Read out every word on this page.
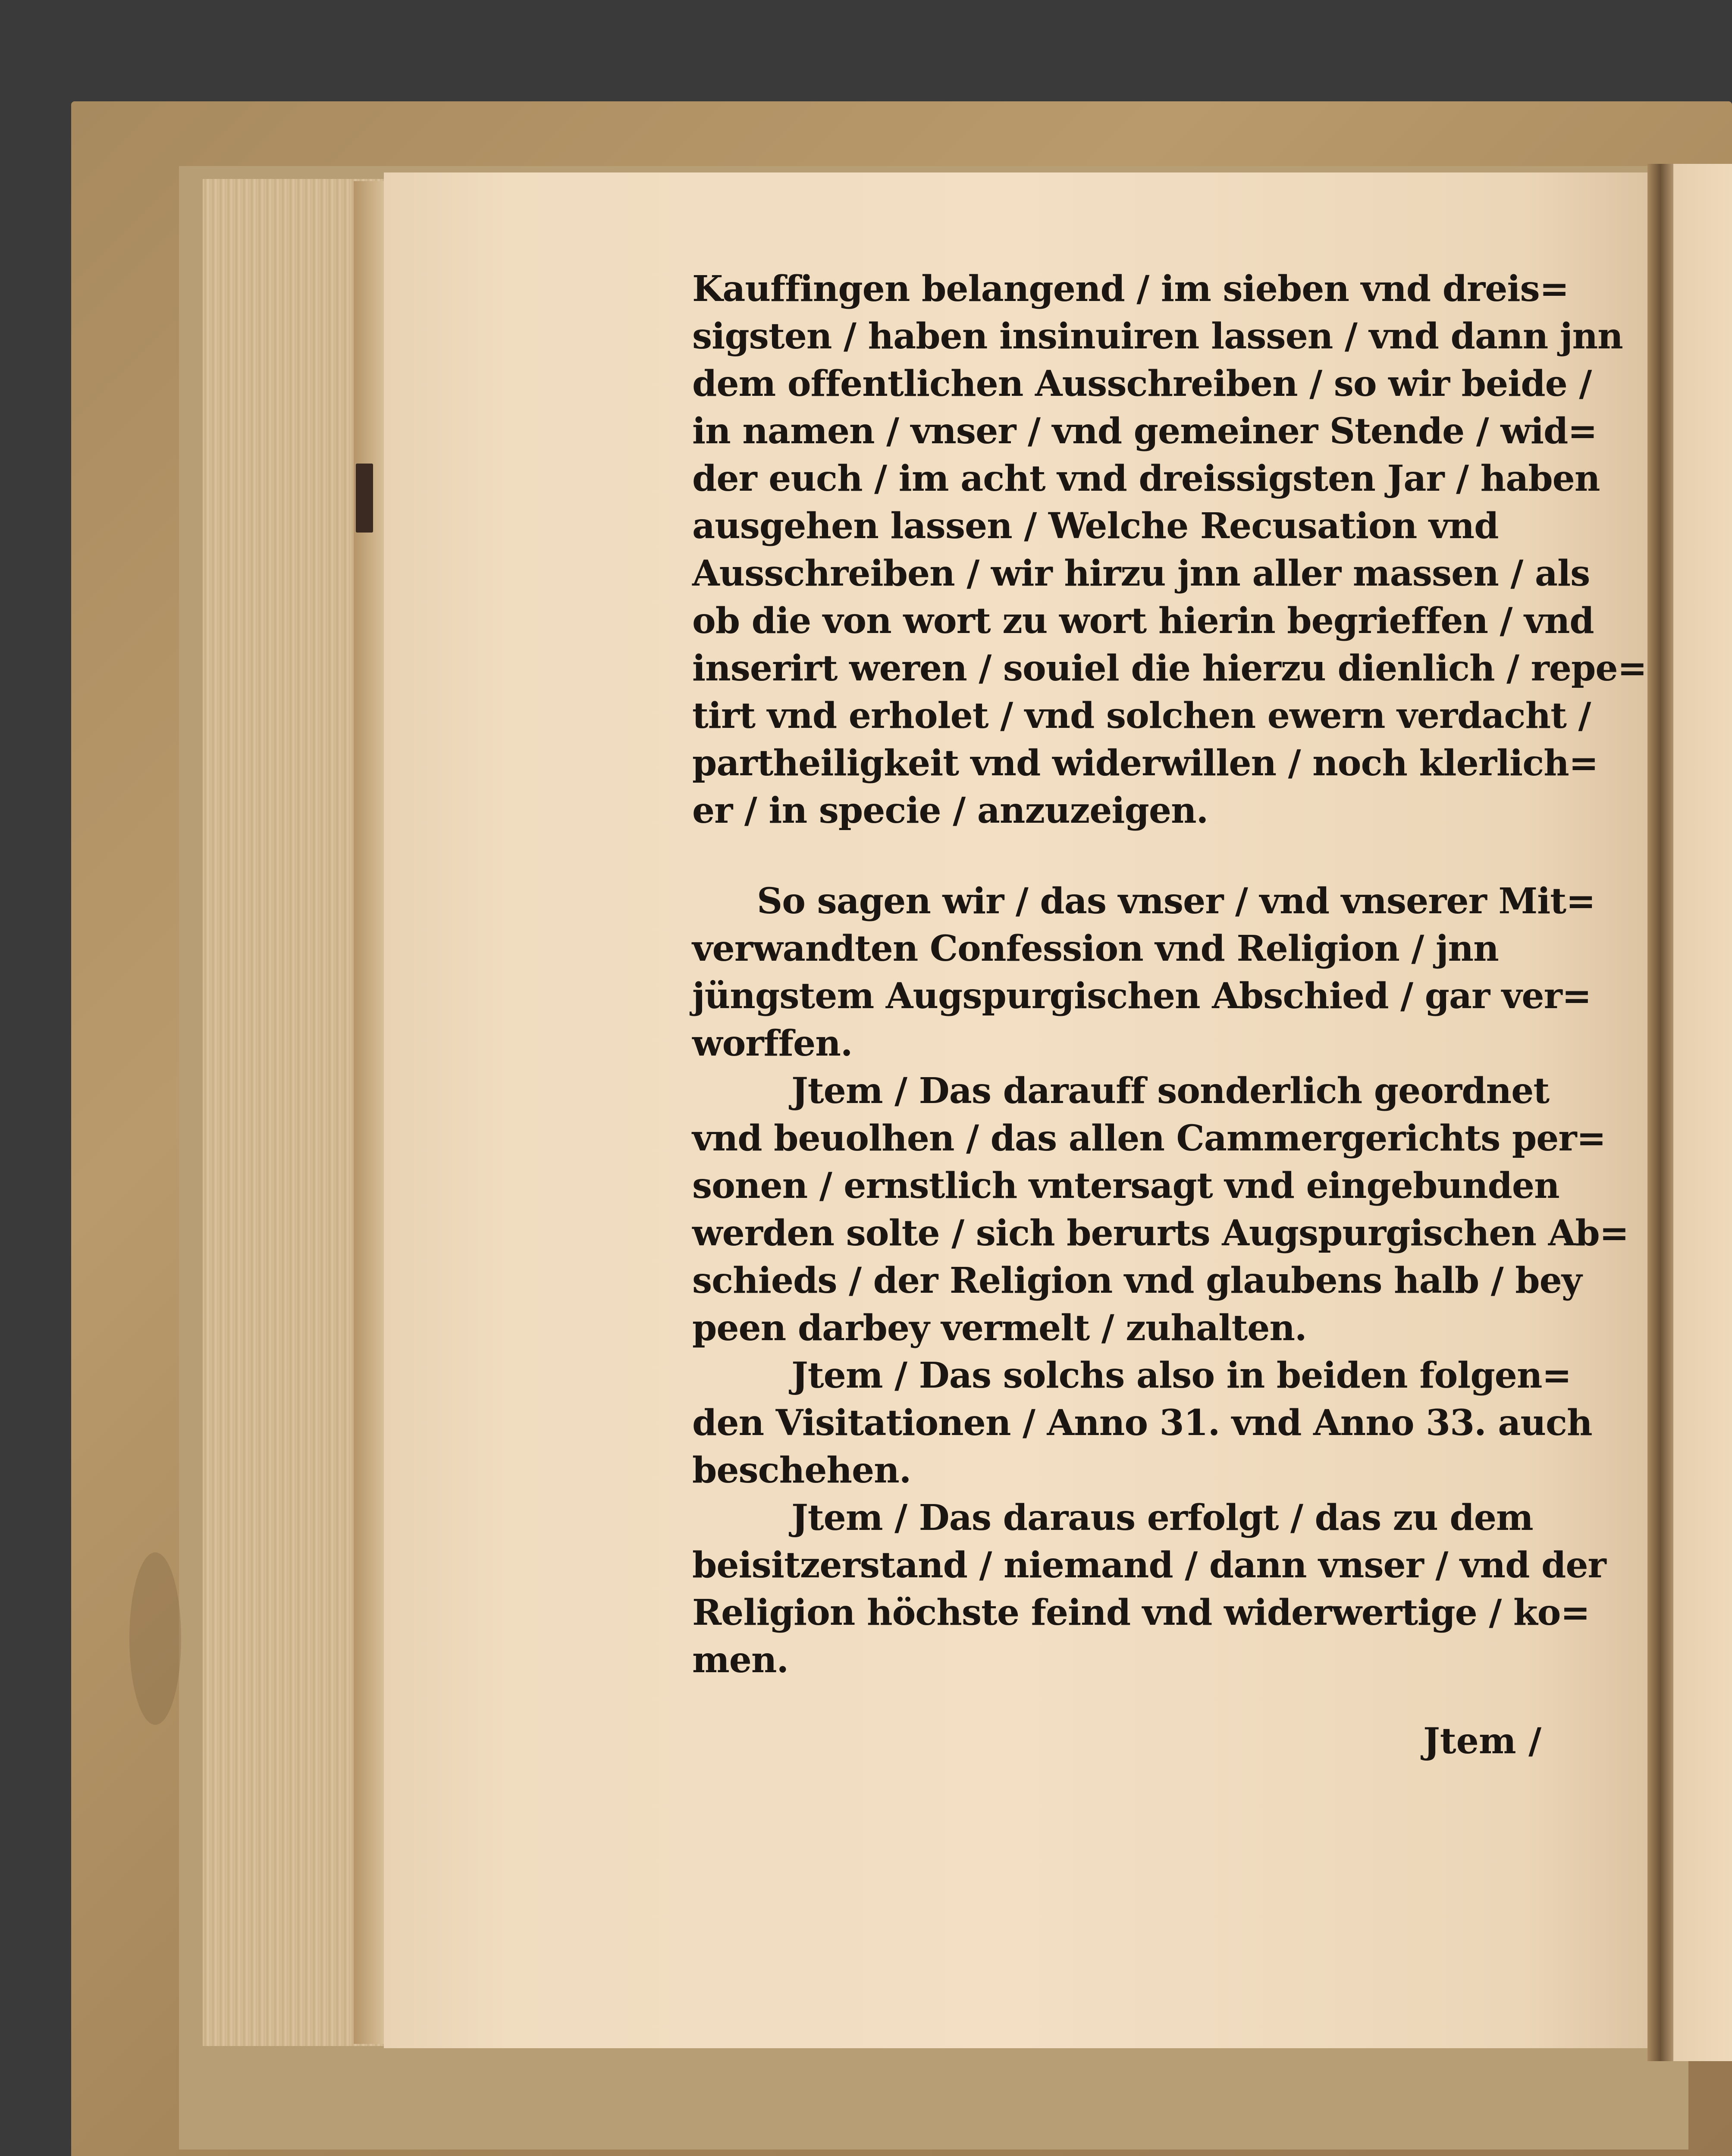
Kauffingen belangend / im sieben vnd dreis=
sigsten / haben insinuiren lassen / vnd dann jnn
dem offentlichen Ausschreiben / so wir beide /
in namen / vnser / vnd gemeiner Stende / wid=
der euch / im acht vnd dreissigsten Jar / haben
ausgehen lassen / Welche Recusation vnd
Ausschreiben / wir hirzu jnn aller massen / als
ob die von wort zu wort hierin begrieffen / vnd
inserirt weren / souiel die hierzu dienlich / repe=
tirt vnd erholet / vnd solchen ewern verdacht /
partheiligkeit vnd widerwillen / noch klerlich=
er / in specie / anzuzeigen.
So sagen wir / das vnser / vnd vnserer Mit=
verwandten Confession vnd Religion / jnn
jüngstem Augspurgischen Abschied / gar ver=
worffen.
Jtem / Das darauff sonderlich geordnet
vnd beuolhen / das allen Cammergerichts per=
sonen / ernstlich vntersagt vnd eingebunden
werden solte / sich berurts Augspurgischen Ab=
schieds / der Religion vnd glaubens halb / bey
peen darbey vermelt / zuhalten.
Jtem / Das solchs also in beiden folgen=
den Visitationen / Anno 31. vnd Anno 33. auch
beschehen.
Jtem / Das daraus erfolgt / das zu dem
beisitzerstand / niemand / dann vnser / vnd der
Religion höchste feind vnd widerwertige / ko=
men.
Jtem /
